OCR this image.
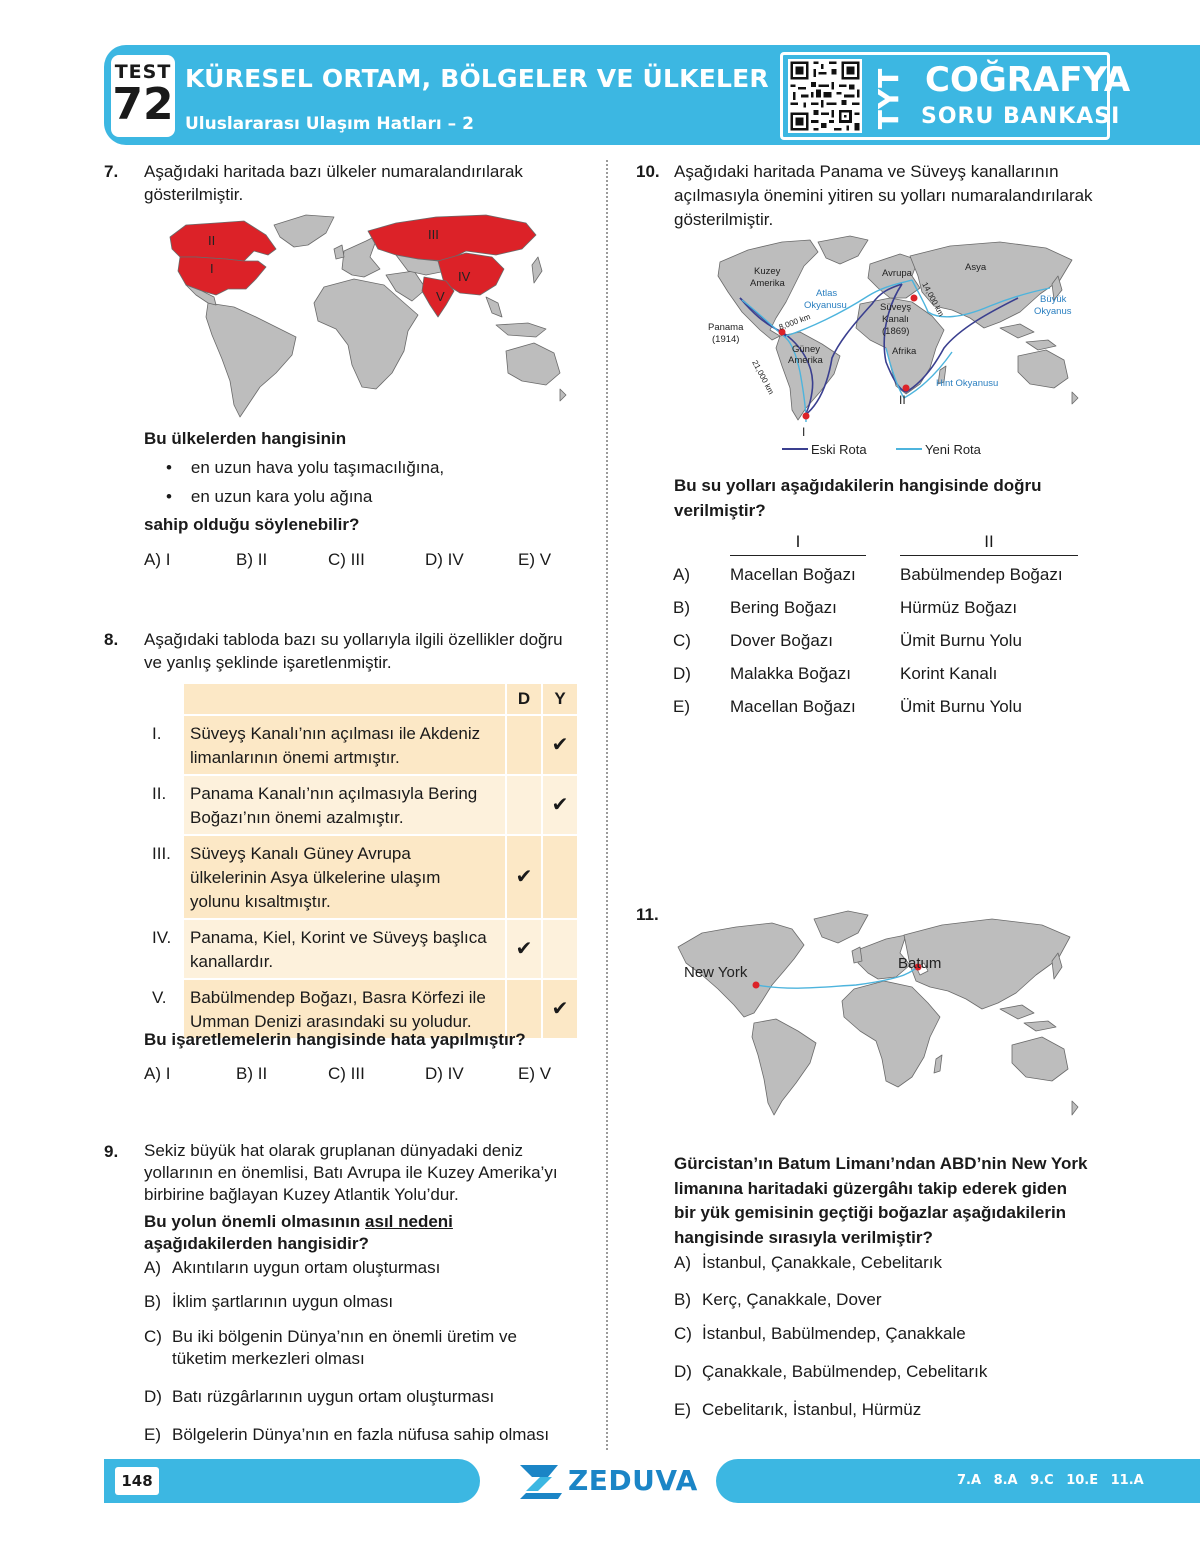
TEST
72
KÜRESEL ORTAM, BÖLGELER VE ÜLKELER
Uluslararası Ulaşım Hatları – 2	TYT COĞRAFYA
SORU BANKASI
7. Aşağıdaki haritada bazı ülkeler numaralandırılarak
gösterilmiştir.
II
I
III
IV
V
Bu ülkelerden hangisinin
•    en uzun hava yolu taşımacılığına,
•    en uzun kara yolu ağına
sahip olduğu söylenebilir?
A) I	B) II	C) III	D) IV	E) V
8. Aşağıdaki tabloda bazı su yollarıyla ilgili özellikler doğru
ve yanlış şeklinde işaretlenmiştir.
		D	Y
I.	Süveyş Kanalı’nın açılması ile Akdeniz
limanlarının önemi artmıştır.		✔
II.	Panama Kanalı’nın açılmasıyla Bering
Boğazı’nın önemi azalmıştır.		✔
III.	Süveyş Kanalı Güney Avrupa
ülkelerinin Asya ülkelerine ulaşım
yolunu kısaltmıştır.	✔	
IV.	Panama, Kiel, Korint ve Süveyş başlıca
kanallardır.	✔	
V.	Babülmendep Boğazı, Basra Körfezi ile
Umman Denizi arasındaki su yoludur.		✔
Bu işaretlemelerin hangisinde hata yapılmıştır?
A) I	B) II	C) III	D) IV	E) V
9. Sekiz büyük hat olarak gruplanan dünyadaki deniz
yollarının en önemlisi, Batı Avrupa ile Kuzey Amerika’yı
birbirine bağlayan Kuzey Atlantik Yolu’dur.
Bu yolun önemli olmasının asıl nedeni
aşağıdakilerden hangisidir?
A) Akıntıların uygun ortam oluşturması
B) İklim şartlarının uygun olması
C) Bu iki bölgenin Dünya’nın en önemli üretim ve
tüketim merkezleri olması
D) Batı rüzgârlarının uygun ortam oluşturması
E) Bölgelerin Dünya’nın en fazla nüfusa sahip olması
10. Aşağıdaki haritada Panama ve Süveyş kanallarının
açılmasıyla önemini yitiren su yolları numaralandırılarak
gösterilmiştir.
Kuzey
Amerika
Avrupa
Asya
Panama
(1914)
Süveyş
Kanalı
(1869)
Güney
Amerika
Afrika
Atlas
Okyanusu
Büyük
Okyanus
Hint Okyanusu
21,000 km
8,000 km
14,000 km
I
II
Eski Rota	Yeni Rota
Bu su yolları aşağıdakilerin hangisinde doğru
verilmiştir?
I	II
A)	Macellan Boğazı	Babülmendep Boğazı
B)	Bering Boğazı	Hürmüz Boğazı
C)	Dover Boğazı	Ümit Burnu Yolu
D)	Malakka Boğazı	Korint Kanalı
E)	Macellan Boğazı	Ümit Burnu Yolu
11.
New York
Batum
Gürcistan’ın Batum Limanı’ndan ABD’nin New York
limanına haritadaki güzergâhı takip ederek giden
bir yük gemisinin geçtiği boğazlar aşağıdakilerin
hangisinde sırasıyla verilmiştir?
A) İstanbul, Çanakkale, Cebelitarık
B) Kerç, Çanakkale, Dover
C) İstanbul, Babülmendep, Çanakkale
D) Çanakkale, Babülmendep, Cebelitarık
E) Cebelitarık, İstanbul, Hürmüz
148	ZEDUVA	7.A 8.A 9.C 10.E 11.A
